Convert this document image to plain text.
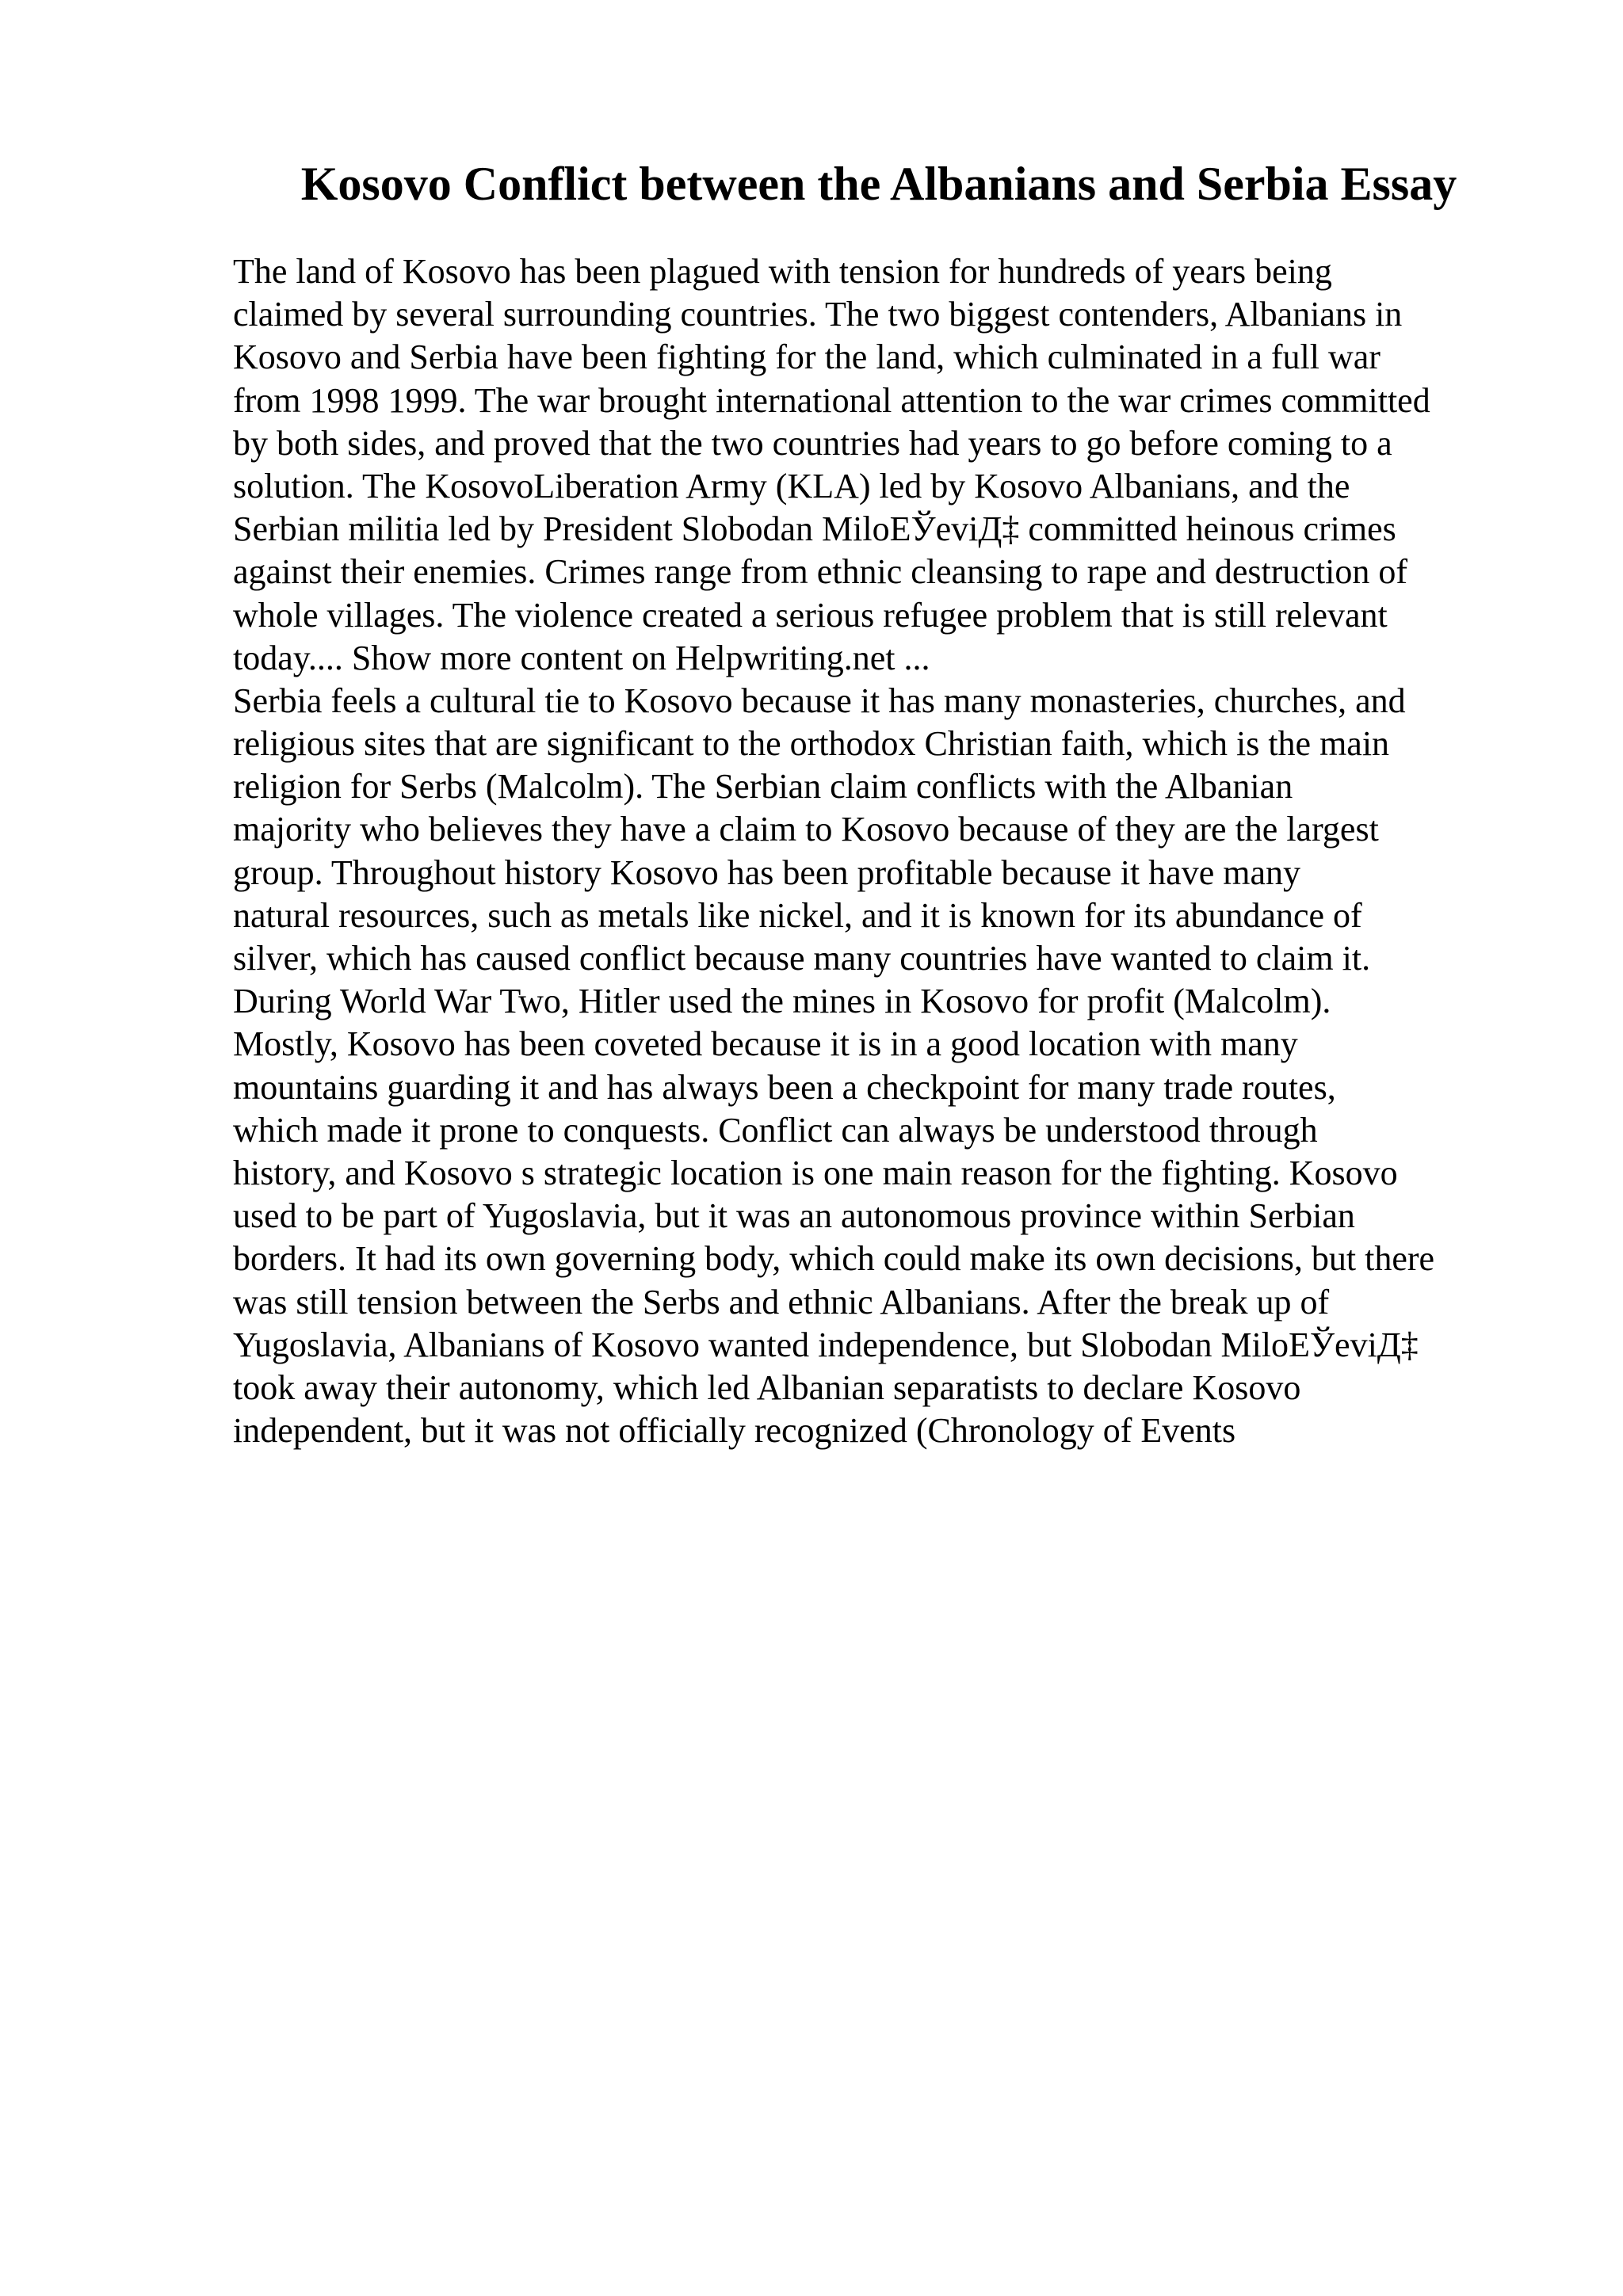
Kosovo Conflict between the Albanians and Serbia Essay
The land of Kosovo has been plagued with tension for hundreds of years being
claimed by several surrounding countries. The two biggest contenders, Albanians in
Kosovo and Serbia have been fighting for the land, which culminated in a full war
from 1998 1999. The war brought international attention to the war crimes committed
by both sides, and proved that the two countries had years to go before coming to a
solution. The KosovoLiberation Army (KLA) led by Kosovo Albanians, and the
Serbian militia led by President Slobodan MiloЕЎeviД‡ committed heinous crimes
against their enemies. Crimes range from ethnic cleansing to rape and destruction of
whole villages. The violence created a serious refugee problem that is still relevant
today.... Show more content on Helpwriting.net ...
Serbia feels a cultural tie to Kosovo because it has many monasteries, churches, and
religious sites that are significant to the orthodox Christian faith, which is the main
religion for Serbs (Malcolm). The Serbian claim conflicts with the Albanian
majority who believes they have a claim to Kosovo because of they are the largest
group. Throughout history Kosovo has been profitable because it have many
natural resources, such as metals like nickel, and it is known for its abundance of
silver, which has caused conflict because many countries have wanted to claim it.
During World War Two, Hitler used the mines in Kosovo for profit (Malcolm).
Mostly, Kosovo has been coveted because it is in a good location with many
mountains guarding it and has always been a checkpoint for many trade routes,
which made it prone to conquests. Conflict can always be understood through
history, and Kosovo s strategic location is one main reason for the fighting. Kosovo
used to be part of Yugoslavia, but it was an autonomous province within Serbian
borders. It had its own governing body, which could make its own decisions, but there
was still tension between the Serbs and ethnic Albanians. After the break up of
Yugoslavia, Albanians of Kosovo wanted independence, but Slobodan MiloЕЎeviД‡
took away their autonomy, which led Albanian separatists to declare Kosovo
independent, but it was not officially recognized (Chronology of Events
